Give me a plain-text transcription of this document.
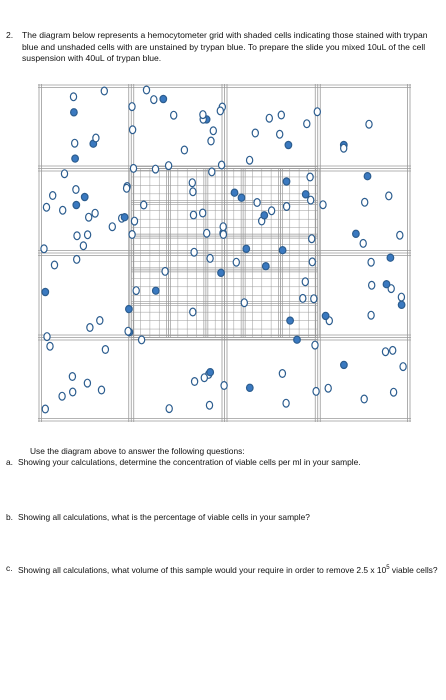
2. The diagram below represents a hemocytometer grid with shaded cells indicating those stained with trypan blue and unshaded cells with are unstained by trypan blue. To prepare the slide you mixed 10uL of the cell suspension with 40uL of trypan blue.
Use the diagram above to answer the following questions:
a. Showing your calculations, determine the concentration of viable cells per ml in your sample.
b. Showing all calculations, what is the percentage of viable cells in your sample?
c. Showing all calculations, what volume of this sample would your require in order to remove 2.5 x $10^5$ viable cells?
